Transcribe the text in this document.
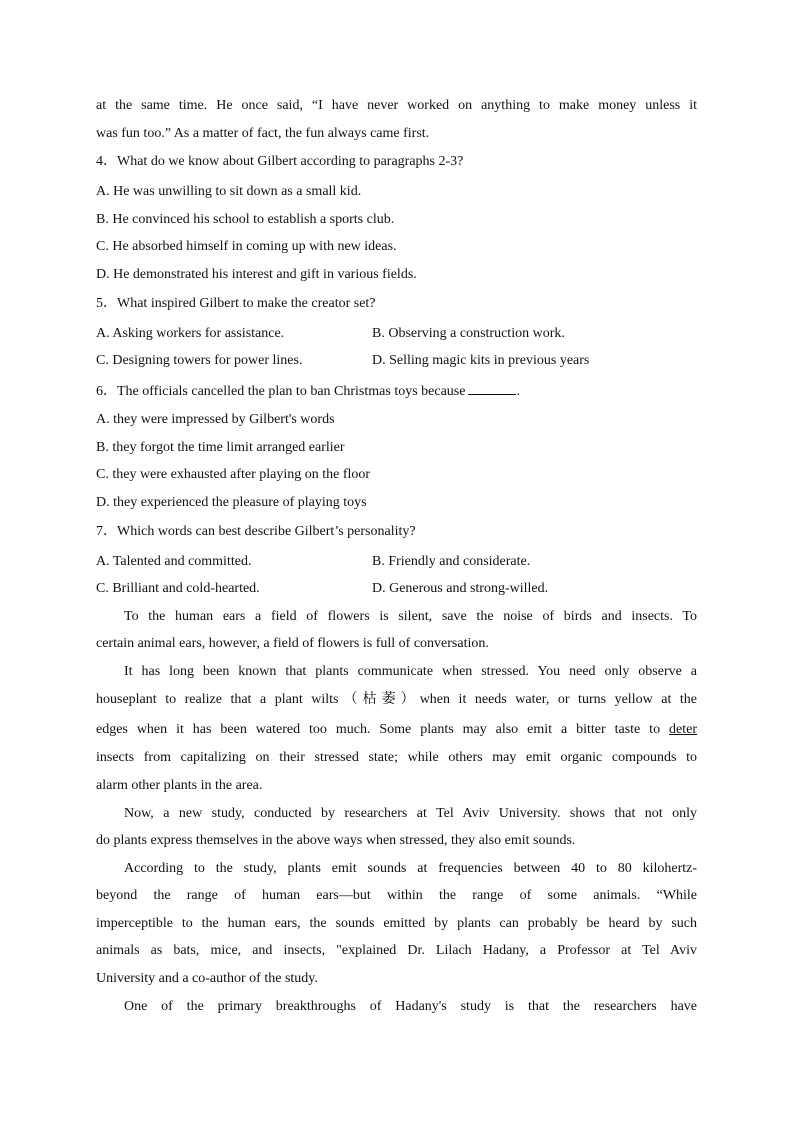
at the same time. He once said, “I have never worked on anything to make money unless it
was fun too.” As a matter of fact, the fun always came first.
4．What do we know about Gilbert according to paragraphs 2-3?
A. He was unwilling to sit down as a small kid.
B. He convinced his school to establish a sports club.
C. He absorbed himself in coming up with new ideas.
D. He demonstrated his interest and gift in various fields.
5．What inspired Gilbert to make the creator set?
A. Asking workers for assistance.	B. Observing a construction work.
C. Designing towers for power lines.	D. Selling magic kits in previous years
6．The officials cancelled the plan to ban Christmas toys because	.
A. they were impressed by Gilbert's words
B. they forgot the time limit arranged earlier
C. they were exhausted after playing on the floor
D. they experienced the pleasure of playing toys
7．Which words can best describe Gilbert’s personality?
A. Talented and committed.	B. Friendly and considerate.
C. Brilliant and cold-hearted.	D. Generous and strong-willed.
To the human ears a field of flowers is silent, save the noise of birds and insects. To
certain animal ears, however, a field of flowers is full of conversation.
It has long been known that plants communicate when stressed. You need only observe a
houseplant to realize that a plant wilts（枯萎）when it needs water, or turns yellow at the
edges when it has been watered too much. Some plants may also emit a bitter taste to deter
insects from capitalizing on their stressed state; while others may emit organic compounds to
alarm other plants in the area.
Now, a new study, conducted by researchers at Tel Aviv University. shows that not only
do plants express themselves in the above ways when stressed, they also emit sounds.
According to the study, plants emit sounds at frequencies between 40 to 80 kilohertz-
beyond the range of human ears—but within the range of some animals. “While
imperceptible to the human ears, the sounds emitted by plants can probably be heard by such
animals as bats, mice, and insects, "explained Dr. Lilach Hadany, a Professor at Tel Aviv
University and a co-author of the study.
One of the primary breakthroughs of Hadany's study is that the researchers have
